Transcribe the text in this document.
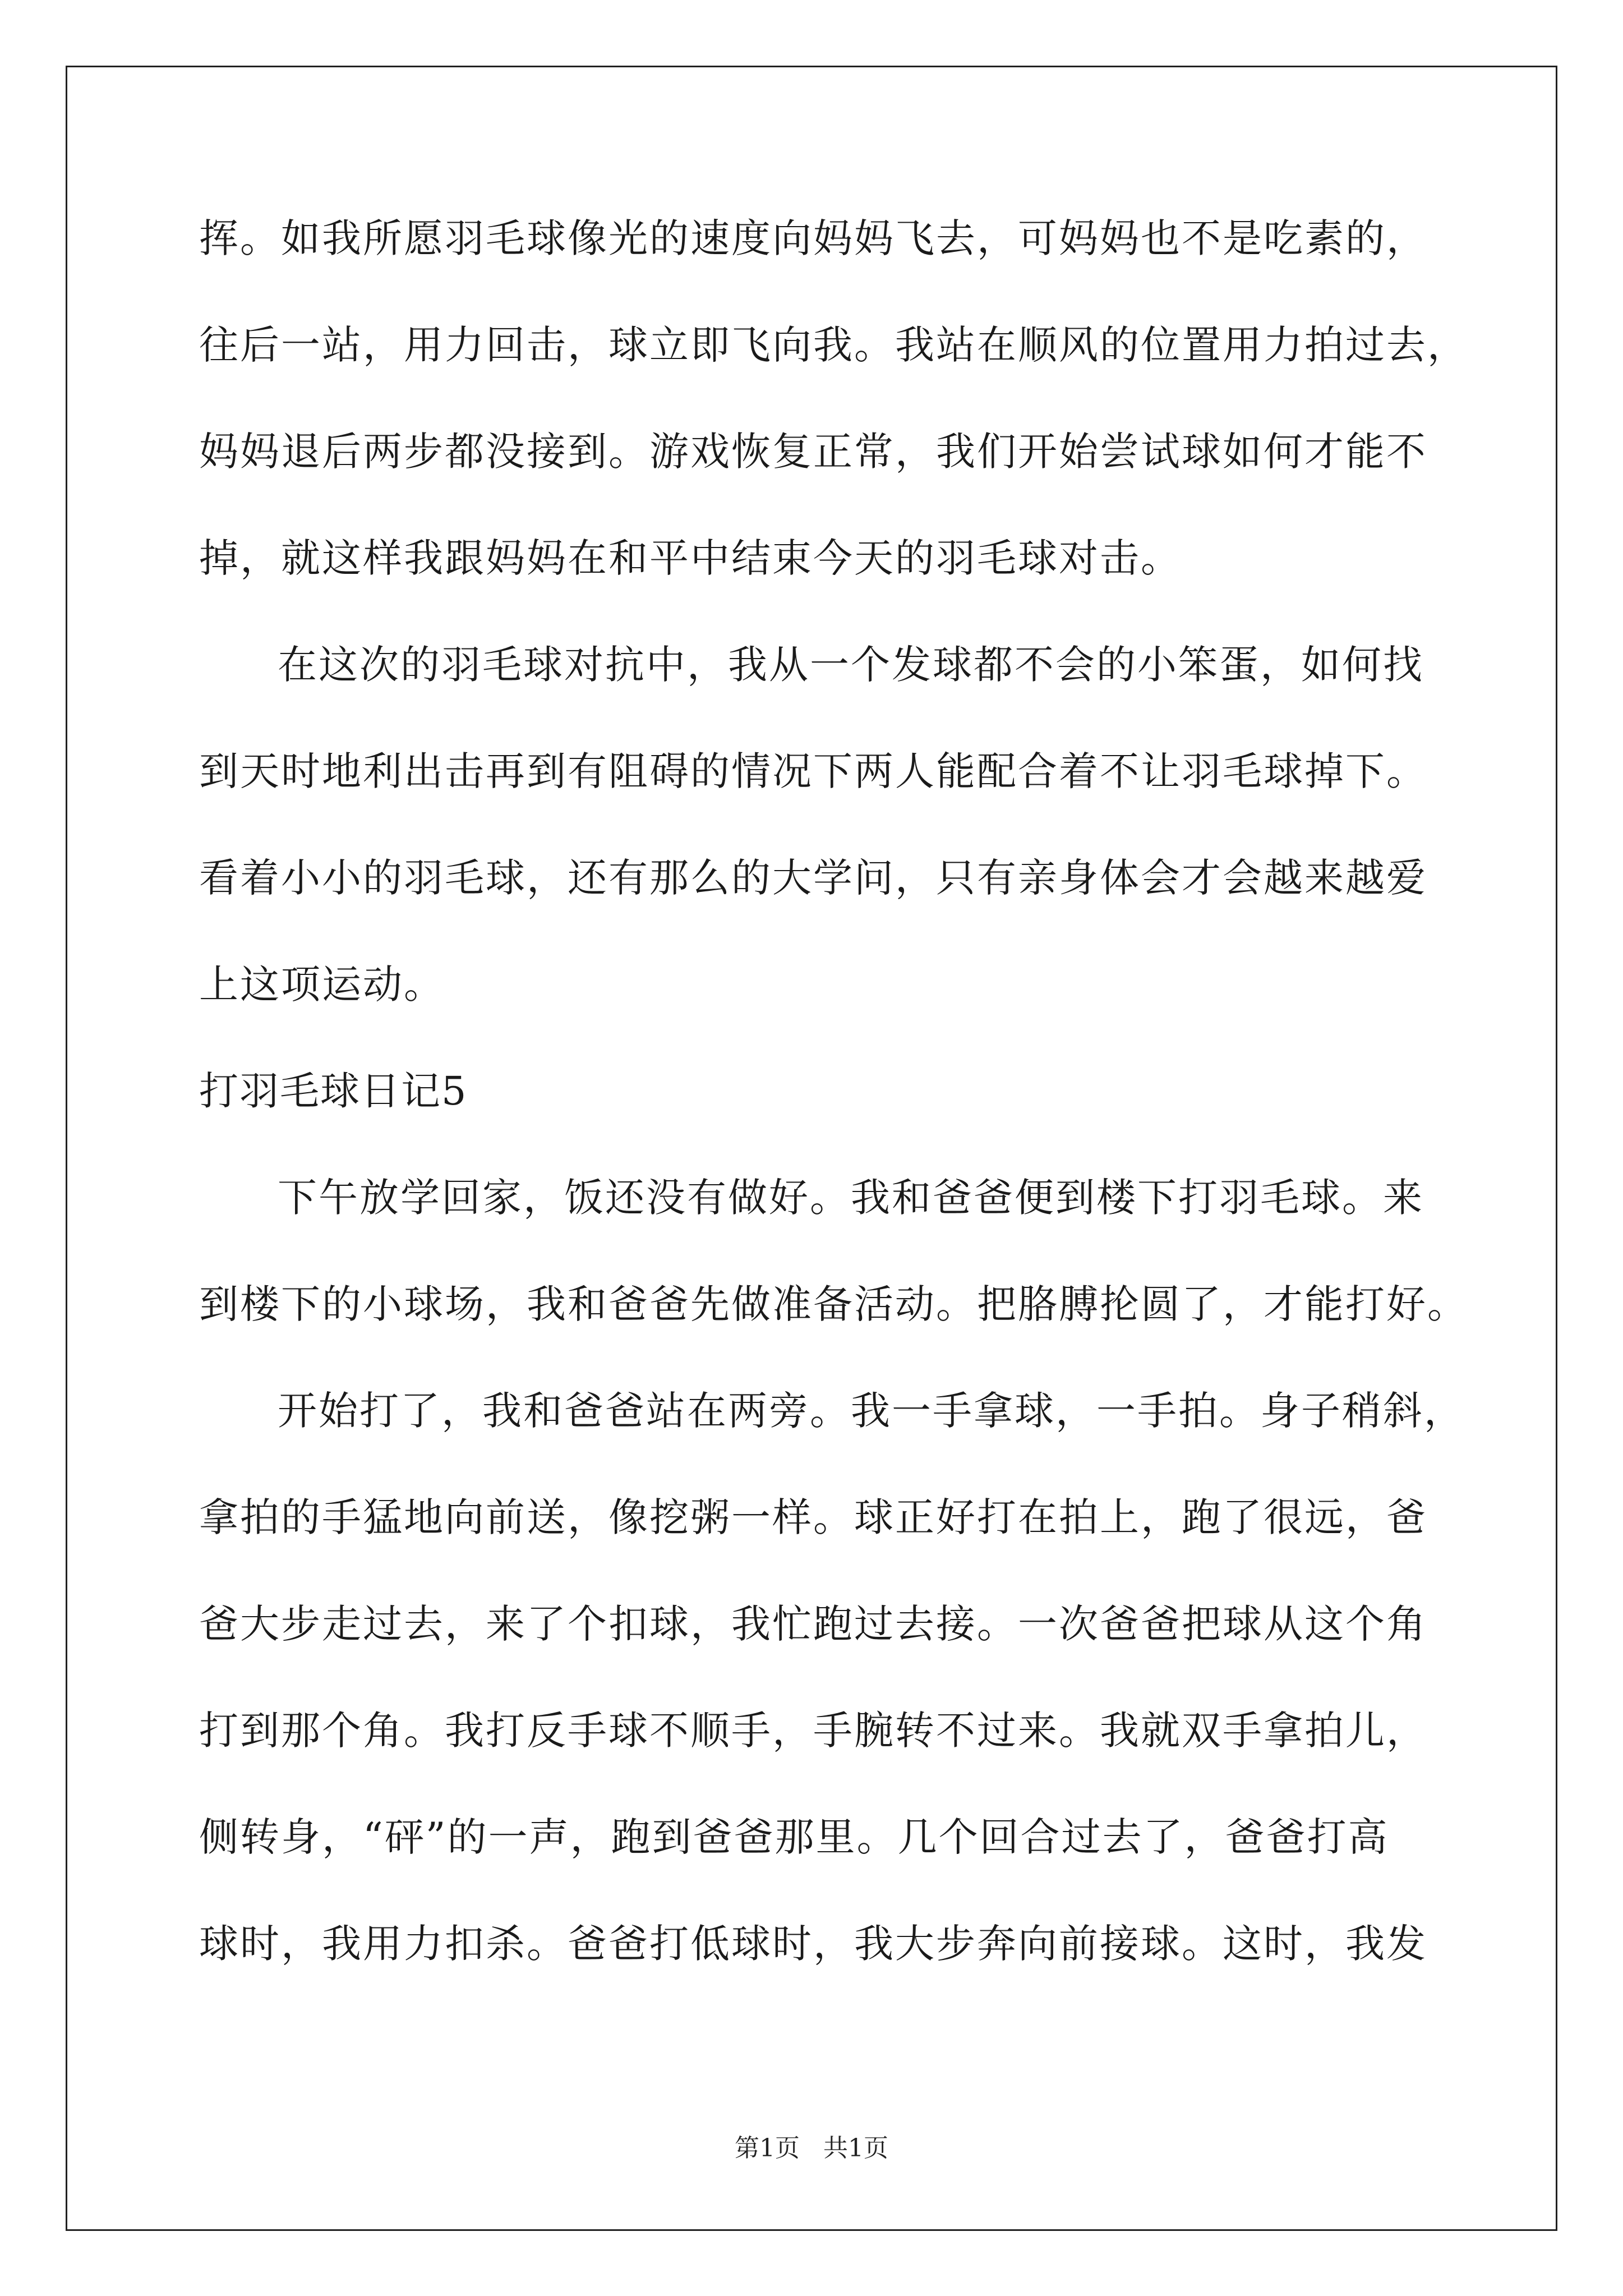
挥。如我所愿羽毛球像光的速度向妈妈飞去，可妈妈也不是吃素的，
往后一站，用力回击，球立即飞向我。我站在顺风的位置用力拍过去，
妈妈退后两步都没接到。游戏恢复正常，我们开始尝试球如何才能不
掉，就这样我跟妈妈在和平中结束今天的羽毛球对击。
在这次的羽毛球对抗中，我从一个发球都不会的小笨蛋，如何找
到天时地利出击再到有阻碍的情况下两人能配合着不让羽毛球掉下。
看着小小的羽毛球，还有那么的大学问，只有亲身体会才会越来越爱
上这项运动。
打羽毛球日记5
下午放学回家，饭还没有做好。我和爸爸便到楼下打羽毛球。来
到楼下的小球场，我和爸爸先做准备活动。把胳膊抡圆了，才能打好。
开始打了，我和爸爸站在两旁。我一手拿球，一手拍。身子稍斜，
拿拍的手猛地向前送，像挖粥一样。球正好打在拍上，跑了很远，爸
爸大步走过去，来了个扣球，我忙跑过去接。一次爸爸把球从这个角
打到那个角。我打反手球不顺手，手腕转不过来。我就双手拿拍儿，
侧转身，“砰”的一声，跑到爸爸那里。几个回合过去了，爸爸打高
球时，我用力扣杀。爸爸打低球时，我大步奔向前接球。这时，我发
第1页 共1页
